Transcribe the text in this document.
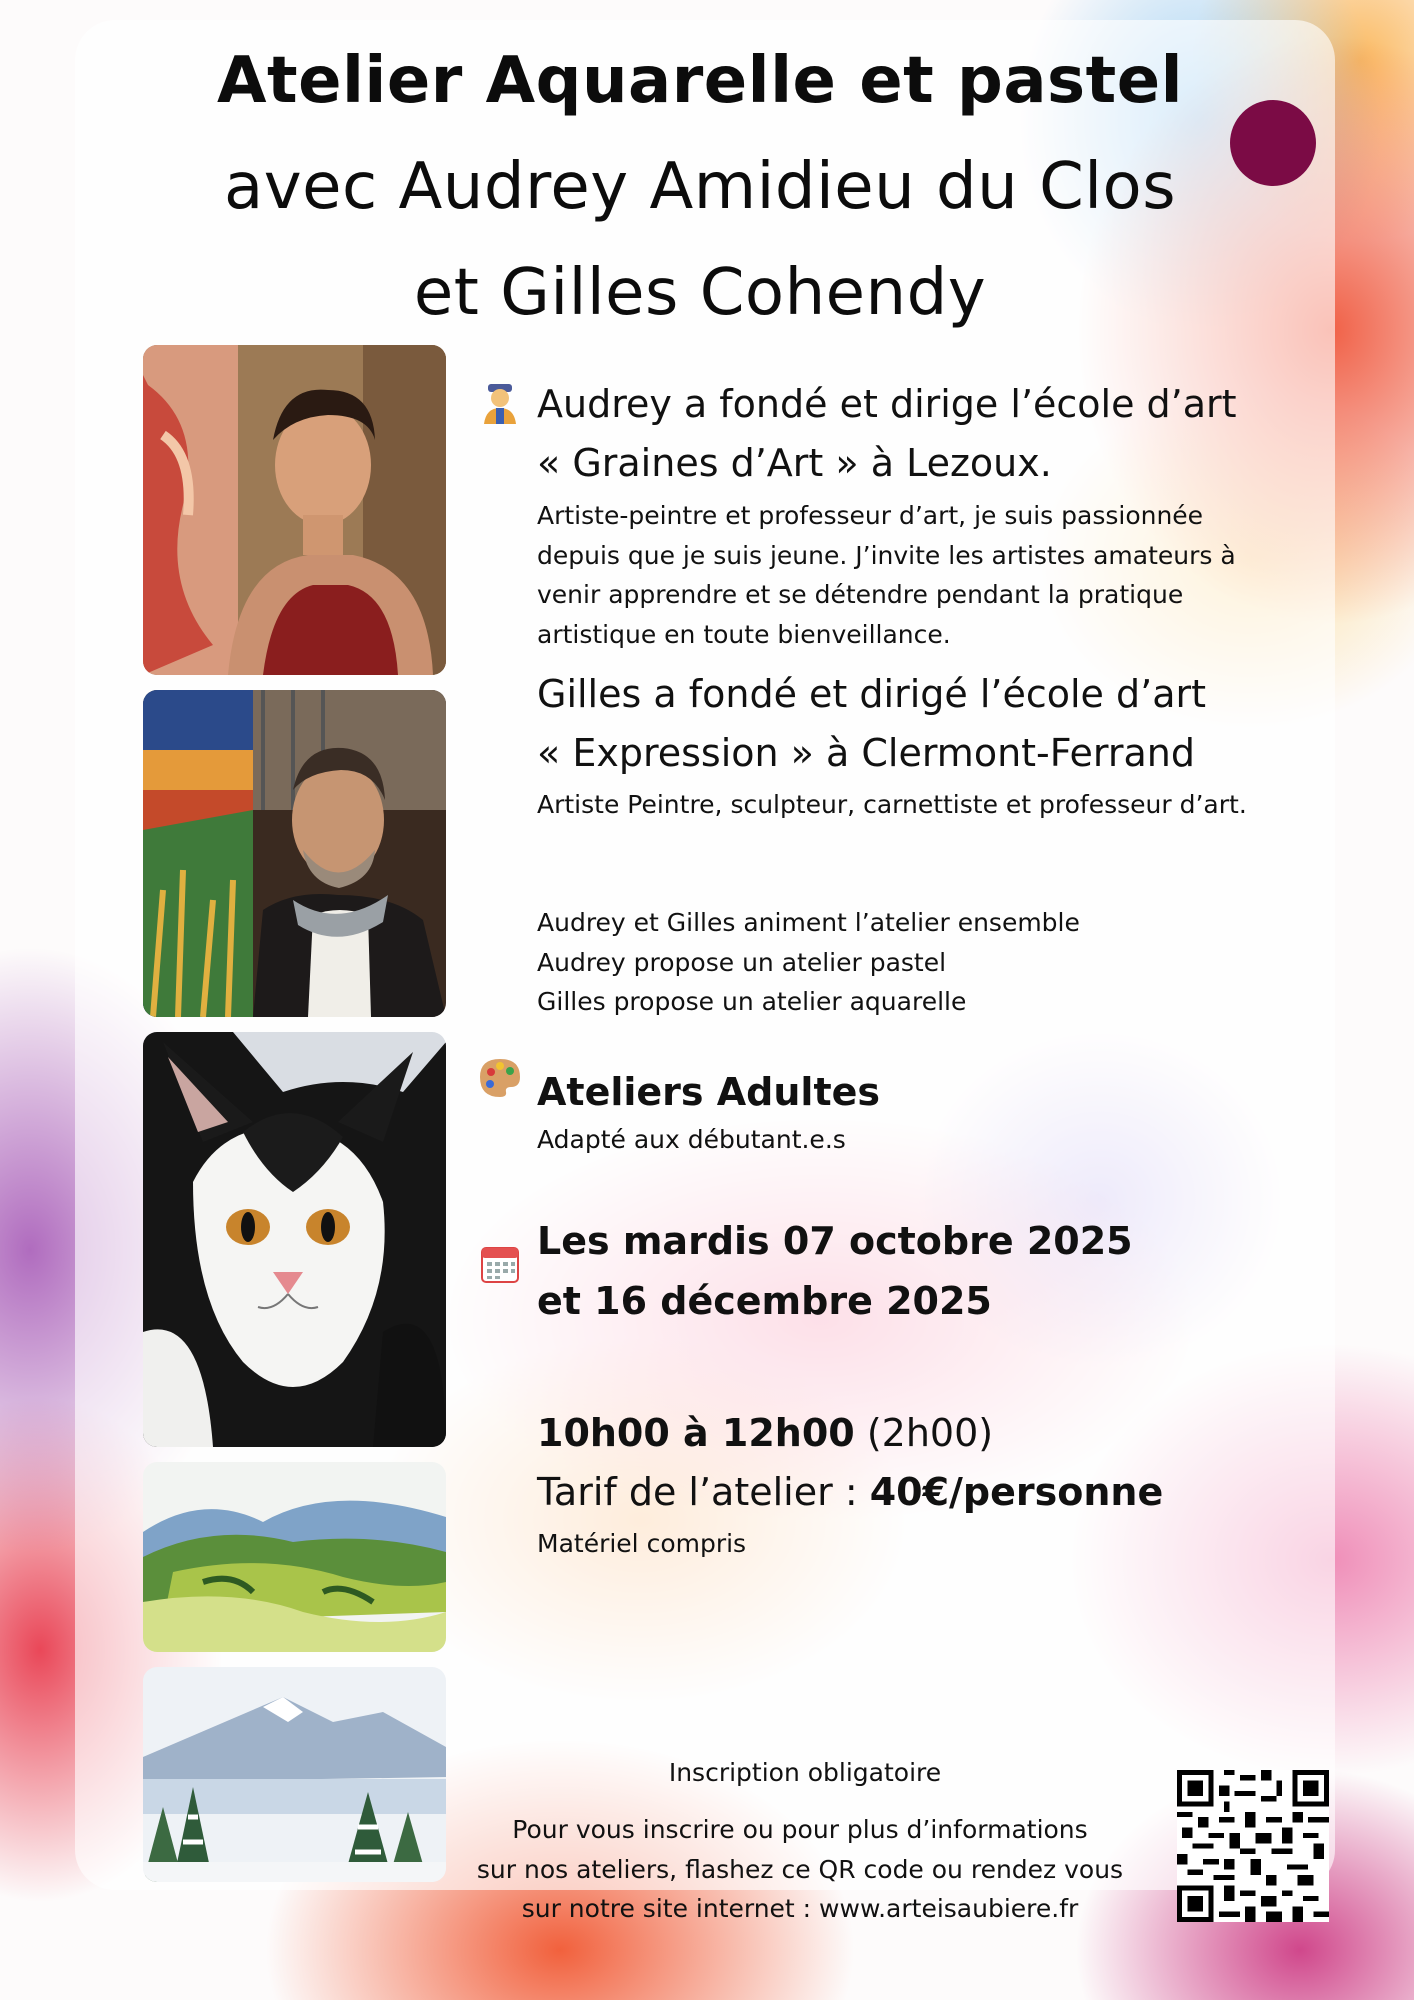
Atelier Aquarelle et pastel
avec Audrey Amidieu du Clos
et Gilles Cohendy

Audrey a fondé et dirige l’école d’art

« Graines d’Art » à Lezoux.

Artiste-peintre et professeur d’art, je suis passionnée
depuis que je suis jeune. J’invite les artistes amateurs à
venir apprendre et se détendre pendant la pratique
artistique en toute bienveillance.

Gilles a fondé et dirigé l’école d’art

« Expression » à Clermont-Ferrand

Artiste Peintre, sculpteur, carnettiste et professeur d’art.

Audrey et Gilles animent l’atelier ensemble
Audrey propose un atelier pastel
Gilles propose un atelier aquarelle

Ateliers Adultes

Adapté aux débutant.e.s

Les mardis 07 octobre 2025

et 16 décembre 2025

10h00 à 12h00 (2h00)

Tarif de l’atelier : 40€/personne

Matériel compris

Inscription obligatoire

Pour vous inscrire ou pour plus d’informations
sur nos ateliers, flashez ce QR code ou rendez vous
sur notre site internet : www.arteisaubiere.fr
